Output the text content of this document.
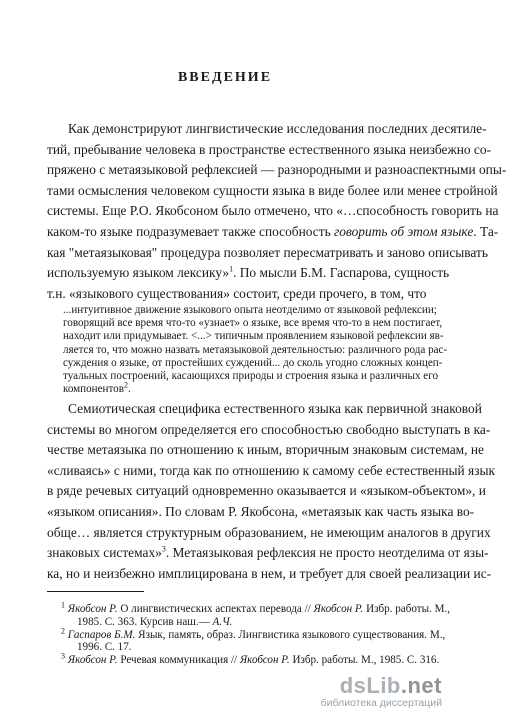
ВВЕДЕНИЕ
Как демонстрируют лингвистические исследования последних десятиле-
тий, пребывание человека в пространстве естественного языка неизбежно со-
пряжено с метаязыковой рефлексией — разнородными и разноаспектными опы-
тами осмысления человеком сущности языка в виде более или менее стройной
системы. Еще Р.О. Якобсоном было отмечено, что «…способность говорить на
каком-то языке подразумевает также способность говорить об этом языке. Та-
кая "метаязыковая" процедура позволяет пересматривать и заново описывать
используемую языком лексику»$^1$. По мысли Б.М. Гаспарова, сущность
т.н. «языкового существования» состоит, среди прочего, в том, что
...интуитивное движение языкового опыта неотделимо от языковой рефлексии;
говорящий все время что-то «узнает» о языке, все время что-то в нем постигает,
находит или придумывает. <...> типичным проявлением языковой рефлексии яв-
ляется то, что можно назвать метаязыковой деятельностью: различного рода рас-
суждения о языке, от простейших суждений... до сколь угодно сложных концеп-
туальных построений, касающихся природы и строения языка и различных его
компонентов$^2$.
Семиотическая специфика естественного языка как первичной знаковой
системы во многом определяется его способностью свободно выступать в ка-
честве метаязыка по отношению к иным, вторичным знаковым системам, не
«сливаясь» с ними, тогда как по отношению к самому себе естественный язык
в ряде речевых ситуаций одновременно оказывается и «языком-объектом», и
«языком описания». По словам Р. Якобсона, «метаязык как часть языка во-
обще… является структурным образованием, не имеющим аналогов в других
знаковых системах»$^3$. Метаязыковая рефлексия не просто неотделима от язы-
ка, но и неизбежно имплицирована в нем, и требует для своей реализации ис-
$^1$ Якобсон Р. О лингвистических аспектах перевода // Якобсон Р. Избр. работы. М.,
1985. С. 363. Курсив наш.— А.Ч.
$^2$ Гаспаров Б.М. Язык, память, образ. Лингвистика языкового существования. М.,
1996. С. 17.
$^3$ Якобсон Р. Речевая коммуникация // Якобсон Р. Избр. работы. М., 1985. С. 316.
dsLib.net
библиотека диссертаций
